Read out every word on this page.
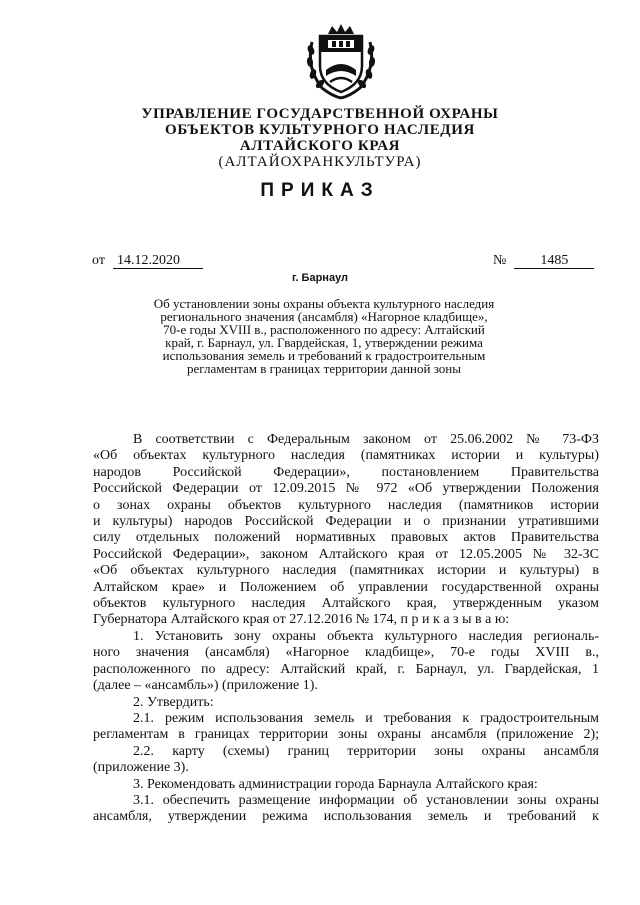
УПРАВЛЕНИЕ ГОСУДАРСТВЕННОЙ ОХРАНЫ
ОБЪЕКТОВ КУЛЬТУРНОГО НАСЛЕДИЯ
АЛТАЙСКОГО КРАЯ
(АЛТАЙОХРАНКУЛЬТУРА)
ПРИКАЗ
от 14.12.2020	№ 1485
г. Барнаул
Об установлении зоны охраны объекта культурного наследия
регионального значения (ансамбля) «Нагорное кладбище»,
70-е годы XVIII в., расположенного по адресу: Алтайский
край, г. Барнаул, ул. Гвардейская, 1, утверждении режима
использования земель и требований к градостроительным
регламентам в границах территории данной зоны
В соответствии с Федеральным законом от 25.06.2002 № 73-ФЗ
«Об объектах культурного наследия (памятниках истории и культуры)
народов Российской Федерации», постановлением Правительства
Российской Федерации от 12.09.2015 № 972 «Об утверждении Положения
о зонах охраны объектов культурного наследия (памятников истории
и культуры) народов Российской Федерации и о признании утратившими
силу отдельных положений нормативных правовых актов Правительства
Российской Федерации», законом Алтайского края от 12.05.2005 № 32-ЗС
«Об объектах культурного наследия (памятниках истории и культуры) в
Алтайском крае» и Положением об управлении государственной охраны
объектов культурного наследия Алтайского края, утвержденным указом
Губернатора Алтайского края от 27.12.2016 № 174, п р и к а з ы в а ю:
1. Установить зону охраны объекта культурного наследия региональ-
ного значения (ансамбля) «Нагорное кладбище», 70-е годы XVIII в.,
расположенного по адресу: Алтайский край, г. Барнаул, ул. Гвардейская, 1
(далее – «ансамбль») (приложение 1).
2. Утвердить:
2.1. режим использования земель и требования к градостроительным
регламентам в границах территории зоны охраны ансамбля (приложение 2);
2.2. карту (схемы) границ территории зоны охраны ансамбля
(приложение 3).
3. Рекомендовать администрации города Барнаула Алтайского края:
3.1. обеспечить размещение информации об установлении зоны охраны
ансамбля, утверждении режима использования земель и требований к
